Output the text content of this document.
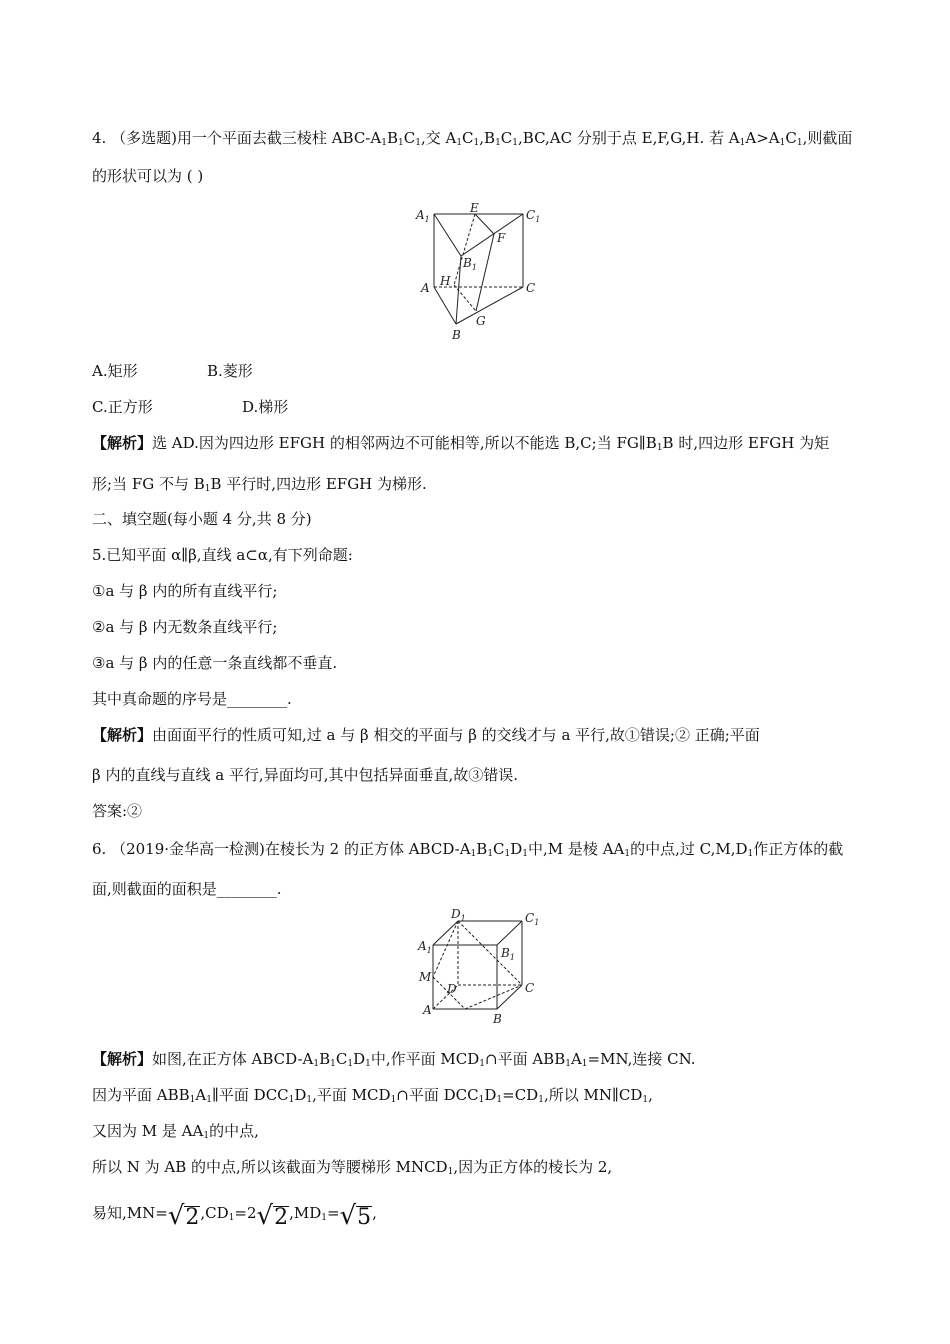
4. （多选题)用一个平面去截三棱柱 ABC-$A_1B_1C_1$,交 $A_1C_1,B_1C_1,BC,AC$ 分别于点 E,F,G,H. 若 $A_1A>A_1C_1$,则截面
的形状可以为 ( )
$A_1$
E	$C_1$
F
$B_1$
H
A	C
G
B
A.矩形	B.菱形
C.正方形	D.梯形
【解析】选 AD.因为四边形 EFGH 的相邻两边不可能相等,所以不能选 B,C;当 $FG\parallel B_1B$ 时,四边形 EFGH 为矩
形;当 FG 不与 $B_1B$ 平行时,四边形 EFGH 为梯形.
二、填空题(每小题 4 分,共 8 分)
5.已知平面 α∥β,直线 a⊂α,有下列命题:
①a 与 β 内的所有直线平行;
②a 与 β 内无数条直线平行;
③a 与 β 内的任意一条直线都不垂直.
其中真命题的序号是________.
【解析】由面面平行的性质可知,过 a 与 β 相交的平面与 β 的交线才与 a 平行,故①错误;② 正确;平面
β 内的直线与直线 a 平行,异面均可,其中包括异面垂直,故③错误.
答案:②
6. （2019·金华高一检测)在棱长为 2 的正方体 ABCD-$A_1B_1C_1D_1$中,M 是棱 $AA_1$的中点,过 $C,M,D_1$作正方体的截
面,则截面的面积是________.
$D_1$	$C_1$
$A_1$	$B_1$
M
D	C
A
B
【解析】如图,在正方体 ABCD-$A_1B_1C_1D_1$中,作平面 $MCD_1\cap$平面 $ABB_1A_1=MN$,连接 CN.
因为平面 $ABB_1A_1\parallel$平面 $DCC_1D_1$,平面 $MCD_1\cap$平面 $DCC_1D_1=CD_1$,所以 $MN\parallel CD_1$,
又因为 M 是 $AA_1$的中点,
所以 N 为 AB 的中点,所以该截面为等腰梯形 $MNCD_1$,因为正方体的棱长为 2,
易知$,MN=√2,CD_1=2√2,MD_1=√5$,
